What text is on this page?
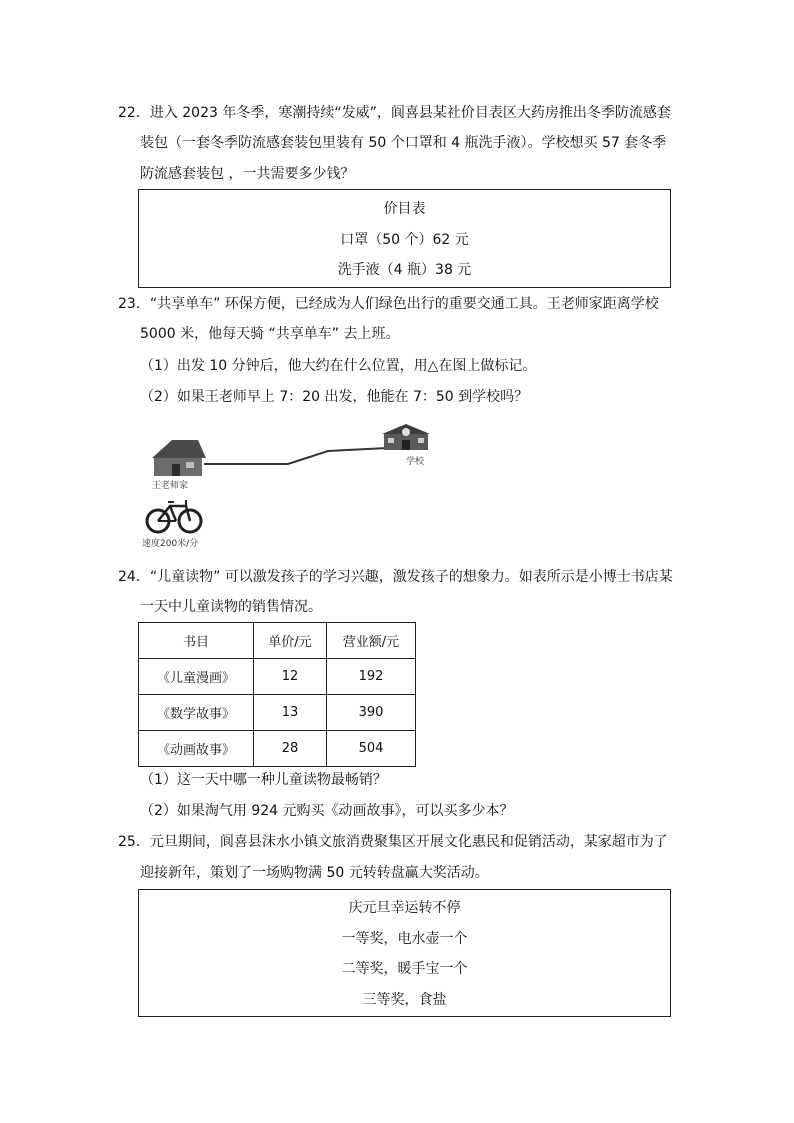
22．进入 2023 年冬季，寒潮持续“发威”，阆喜县某社价目表区大药房推出冬季防流感套
装包（一套冬季防流感套装包里装有 50 个口罩和 4 瓶洗手液）。学校想买 57 套冬季
防流感套装包 ，一共需要多少钱？
价目表
口罩（50 个）62 元
洗手液（4 瓶）38 元
23．“共享单车” 环保方便，已经成为人们绿色出行的重要交通工具。王老师家距离学校
5000 米，他每天骑 “共享单车” 去上班。
（1）出发 10 分钟后，他大约在什么位置，用△在图上做标记。
（2）如果王老师早上 7：20 出发，他能在 7：50 到学校吗？
学校
王老师家
速度200米/分
24．“儿童读物” 可以激发孩子的学习兴趣，激发孩子的想象力。如表所示是小博士书店某
一天中儿童读物的销售情况。
书目	单价/元	营业额/元
《儿童漫画》	12	192
《数学故事》	13	390
《动画故事》	28	504
（1）这一天中哪一种儿童读物最畅销？
（2）如果淘气用 924 元购买《动画故事》，可以买多少本？
25．元旦期间，阆喜县沫水小镇文旅消费聚集区开展文化惠民和促销活动，某家超市为了
迎接新年，策划了一场购物满 50 元转转盘赢大奖活动。
庆元旦幸运转不停
一等奖，电水壶一个
二等奖，暖手宝一个
三等奖，食盐
